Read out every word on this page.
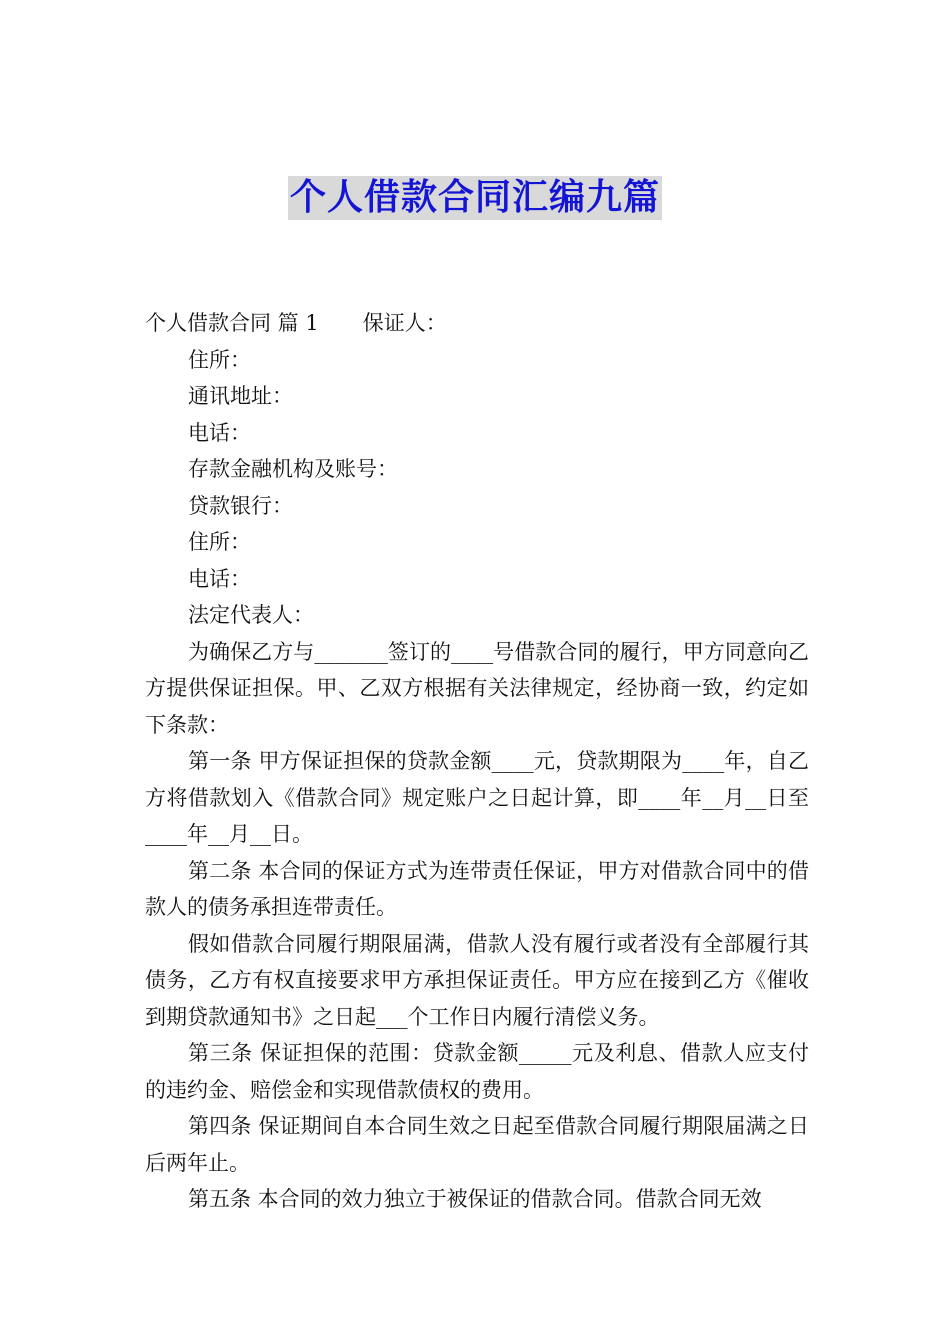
个人借款合同汇编九篇

个人借款合同 篇 1 保证人：

住所：

通讯地址：

电话：

存款金融机构及账号：

贷款银行：

住所：

电话：

法定代表人：

为确保乙方与_______签订的____号借款合同的履行，甲方同意向乙方提供保证担保。甲、乙双方根据有关法律规定，经协商一致，约定如下条款：

第一条 甲方保证担保的贷款金额____元，贷款期限为____年，自乙方将借款划入《借款合同》规定账户之日起计算，即____年__月__日至____年__月__日。

第二条 本合同的保证方式为连带责任保证，甲方对借款合同中的借款人的债务承担连带责任。

假如借款合同履行期限届满，借款人没有履行或者没有全部履行其债务，乙方有权直接要求甲方承担保证责任。甲方应在接到乙方《催收到期贷款通知书》之日起___个工作日内履行清偿义务。

第三条 保证担保的范围：贷款金额_____元及利息、借款人应支付的违约金、赔偿金和实现借款债权的费用。

第四条 保证期间自本合同生效之日起至借款合同履行期限届满之日后两年止。

第五条 本合同的效力独立于被保证的借款合同。借款合同无效
